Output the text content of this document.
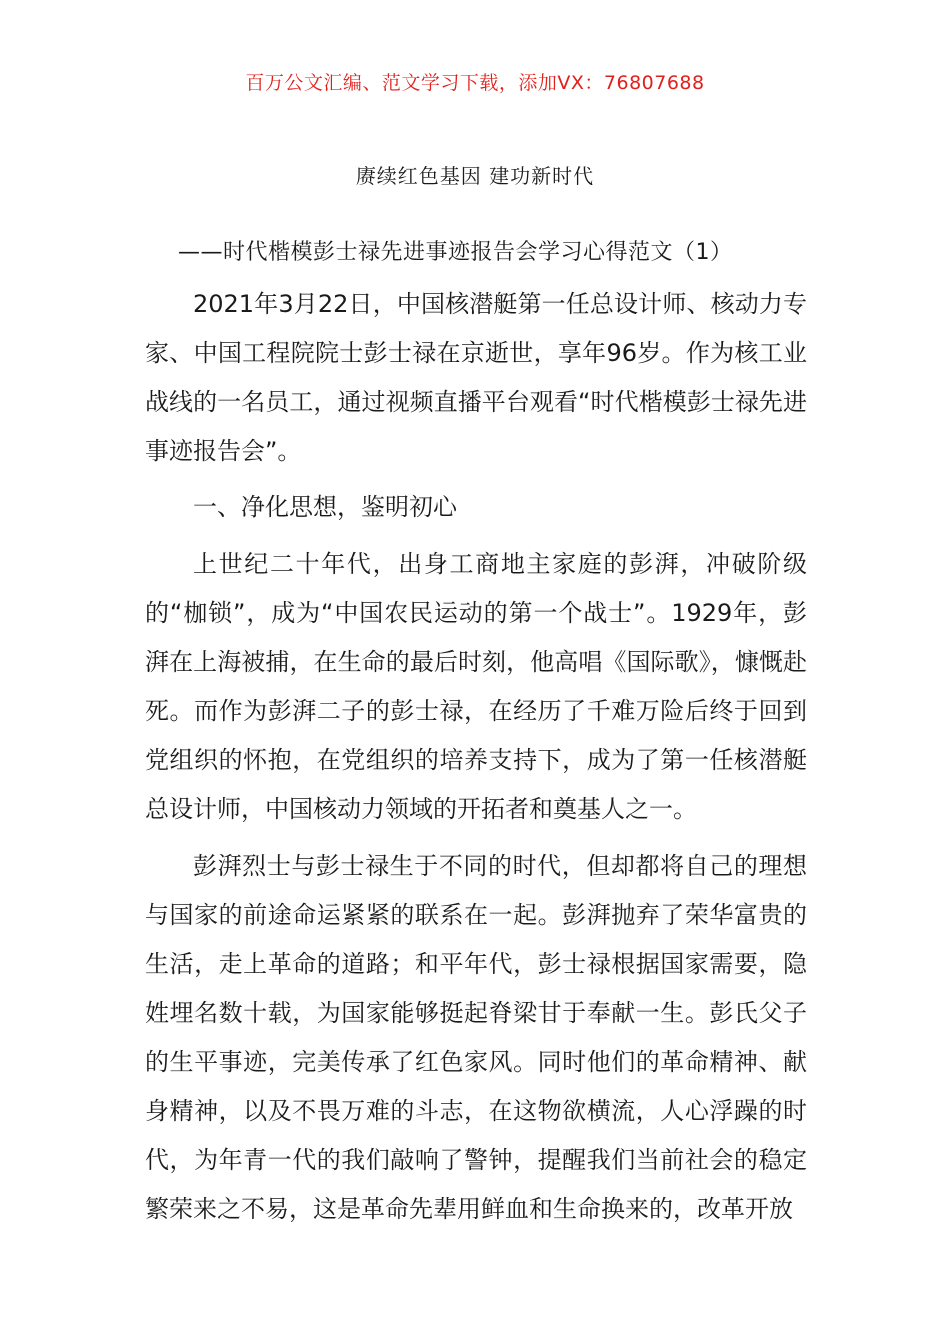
百万公文汇编、范文学习下载，添加VX：76807688
赓续红色基因 建功新时代
——时代楷模彭士禄先进事迹报告会学习心得范文（1）

2021年3月22日，中国核潜艇第一任总设计师、核动力专家、中国工程院院士彭士禄在京逝世，享年96岁。作为核工业战线的一名员工，通过视频直播平台观看“时代楷模彭士禄先进事迹报告会”。

一、净化思想，鉴明初心

上世纪二十年代，出身工商地主家庭的彭湃，冲破阶级的“枷锁”，成为“中国农民运动的第一个战士”。1929年，彭湃在上海被捕，在生命的最后时刻，他高唱《国际歌》，慷慨赴死。而作为彭湃二子的彭士禄，在经历了千难万险后终于回到党组织的怀抱，在党组织的培养支持下，成为了第一任核潜艇总设计师，中国核动力领域的开拓者和奠基人之一。

彭湃烈士与彭士禄生于不同的时代，但却都将自己的理想与国家的前途命运紧紧的联系在一起。彭湃抛弃了荣华富贵的生活，走上革命的道路；和平年代，彭士禄根据国家需要，隐姓埋名数十载，为国家能够挺起脊梁甘于奉献一生。彭氏父子的生平事迹，完美传承了红色家风。同时他们的革命精神、献身精神，以及不畏万难的斗志，在这物欲横流，人心浮躁的时代，为年青一代的我们敲响了警钟，提醒我们当前社会的稳定繁荣来之不易，这是革命先辈用鲜血和生命换来的，改革开放
